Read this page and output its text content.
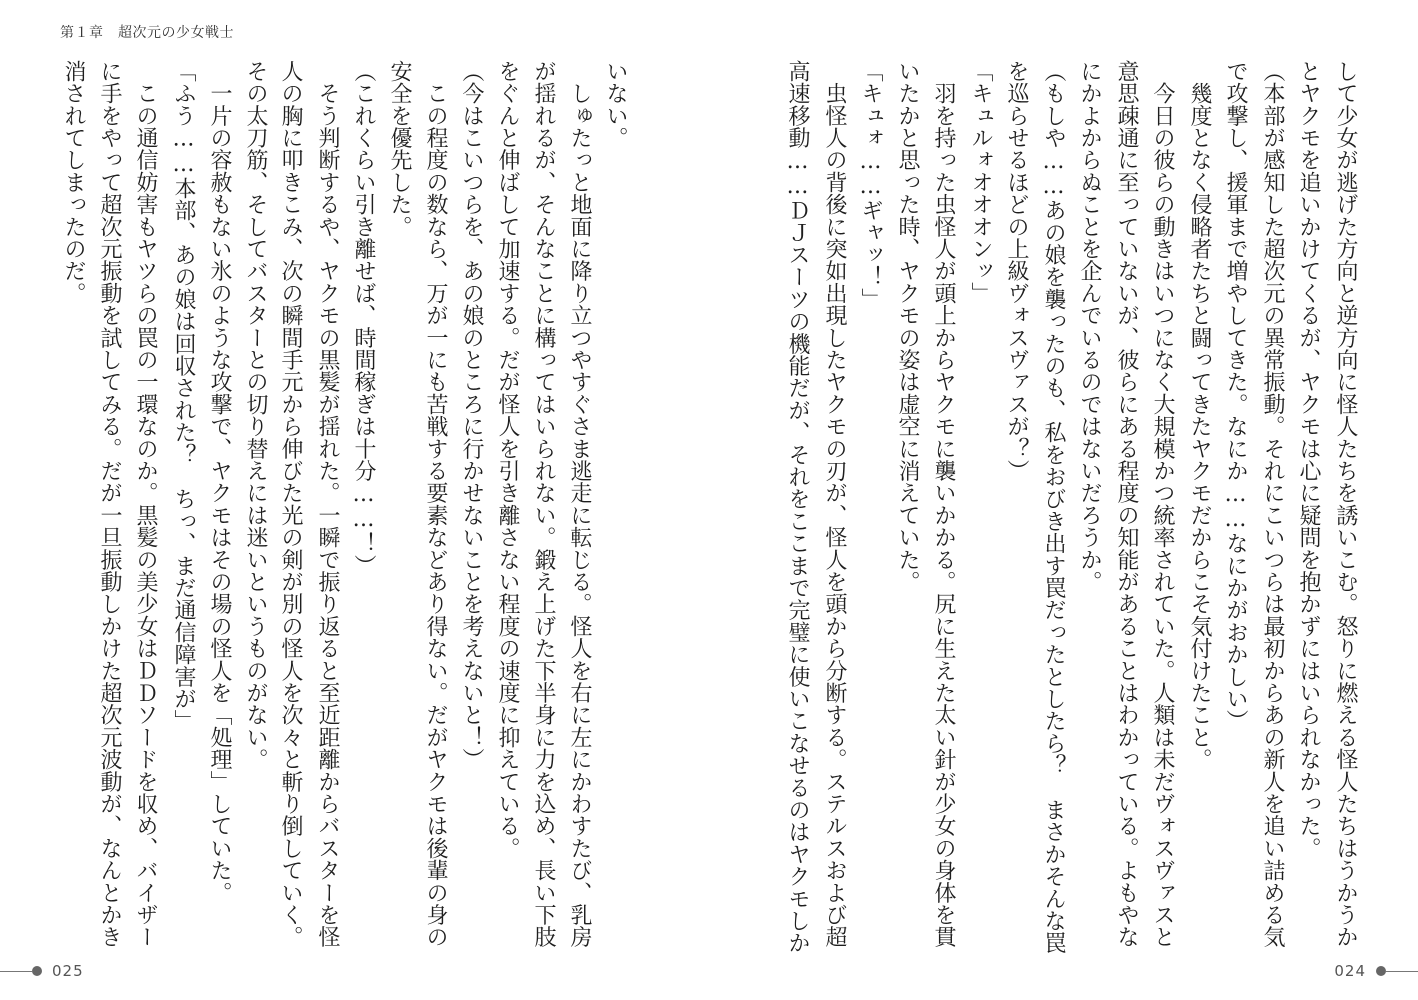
第１章　超次元の少女戦士
して少女が逃げた方向と逆方向に怪人たちを誘いこむ。怒りに燃える怪人たちはうかうか
とヤクモを追いかけてくるが、ヤクモは心に疑問を抱かずにはいられなかった。
（本部が感知した超次元の異常振動。それにこいつらは最初からあの新人を追い詰める気
で攻撃し、援軍まで増やしてきた。なにか……なにかがおかしい）
　幾度となく侵略者たちと闘ってきたヤクモだからこそ気付けたこと。
　今日の彼らの動きはいつになく大規模かつ統率されていた。人類は未だヴォスヴァスと
意思疎通に至っていないが、彼らにある程度の知能があることはわかっている。よもやな
にかよからぬことを企んでいるのではないだろうか。
（もしや……あの娘を襲ったのも、私をおびき出す罠だったとしたら？　まさかそんな罠
を巡らせるほどの上級ヴォスヴァスが？）
「キュルォオオオンッ」
　羽を持った虫怪人が頭上からヤクモに襲いかかる。尻に生えた太い針が少女の身体を貫
いたかと思った時、ヤクモの姿は虚空に消えていた。
「キュォ……ギャッ！」
　虫怪人の背後に突如出現したヤクモの刃が、怪人を頭から分断する。ステルスおよび超
高速移動……ＤＪスーツの機能だが、それをここまで完璧に使いこなせるのはヤクモしか
いない。
　しゅたっと地面に降り立つやすぐさま逃走に転じる。怪人を右に左にかわすたび、乳房
が揺れるが、そんなことに構ってはいられない。鍛え上げた下半身に力を込め、長い下肢
をぐんと伸ばして加速する。だが怪人を引き離さない程度の速度に抑えている。
（今はこいつらを、あの娘のところに行かせないことを考えないと！）
　この程度の数なら、万が一にも苦戦する要素などあり得ない。だがヤクモは後輩の身の
安全を優先した。
（これくらい引き離せば、時間稼ぎは十分……！）
　そう判断するや、ヤクモの黒髪が揺れた。一瞬で振り返ると至近距離からバスターを怪
人の胸に叩きこみ、次の瞬間手元から伸びた光の剣が別の怪人を次々と斬り倒していく。
その太刀筋、そしてバスターとの切り替えには迷いというものがない。
　一片の容赦もない氷のような攻撃で、ヤクモはその場の怪人を「処理」していた。
「ふう……本部、あの娘は回収された？　ちっ、まだ通信障害が」
　この通信妨害もヤツらの罠の一環なのか。黒髪の美少女はＤＤソードを収め、バイザー
に手をやって超次元振動を試してみる。だが一旦振動しかけた超次元波動が、なんとかき
消されてしまったのだ。
025	024
